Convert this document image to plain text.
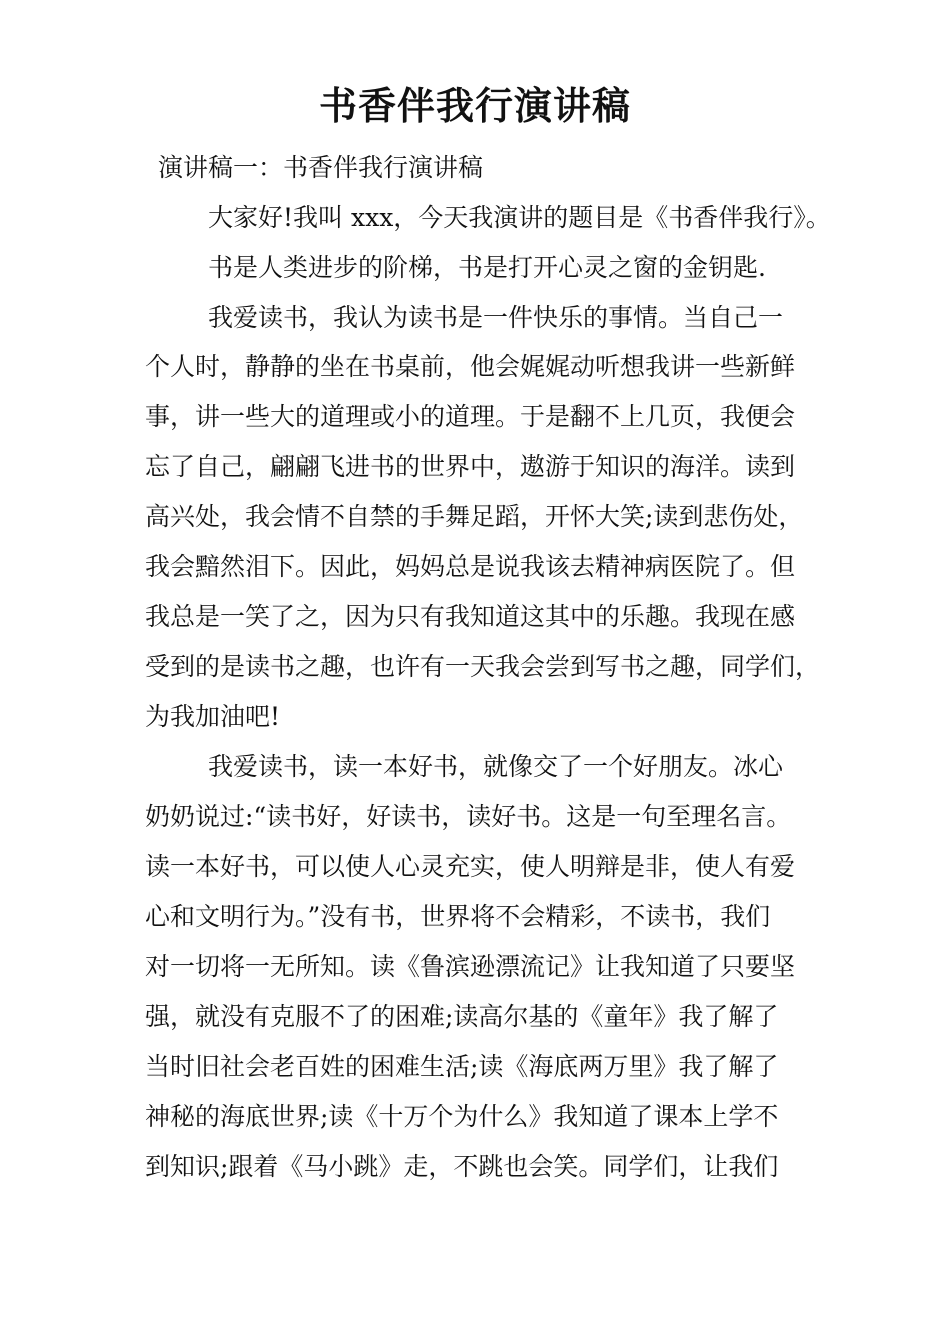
书香伴我行演讲稿

演讲稿一：书香伴我行演讲稿

大家好!我叫 xxx，今天我演讲的题目是《书香伴我行》。

书是人类进步的阶梯，书是打开心灵之窗的金钥匙.

我爱读书，我认为读书是一件快乐的事情。当自己一

个人时，静静的坐在书桌前，他会娓娓动听想我讲一些新鲜

事，讲一些大的道理或小的道理。于是翻不上几页，我便会

忘了自己，翩翩飞进书的世界中，遨游于知识的海洋。读到

高兴处，我会情不自禁的手舞足蹈，开怀大笑;读到悲伤处，

我会黯然泪下。因此，妈妈总是说我该去精神病医院了。但

我总是一笑了之，因为只有我知道这其中的乐趣。我现在感

受到的是读书之趣，也许有一天我会尝到写书之趣，同学们，

为我加油吧!

我爱读书，读一本好书，就像交了一个好朋友。冰心

奶奶说过:“读书好，好读书，读好书。这是一句至理名言。

读一本好书，可以使人心灵充实，使人明辩是非，使人有爱

心和文明行为。”没有书，世界将不会精彩，不读书，我们

对一切将一无所知。读《鲁滨逊漂流记》让我知道了只要坚

强，就没有克服不了的困难;读高尔基的《童年》我了解了

当时旧社会老百姓的困难生活;读《海底两万里》我了解了

神秘的海底世界;读《十万个为什么》我知道了课本上学不

到知识;跟着《马小跳》走，不跳也会笑。同学们，让我们
